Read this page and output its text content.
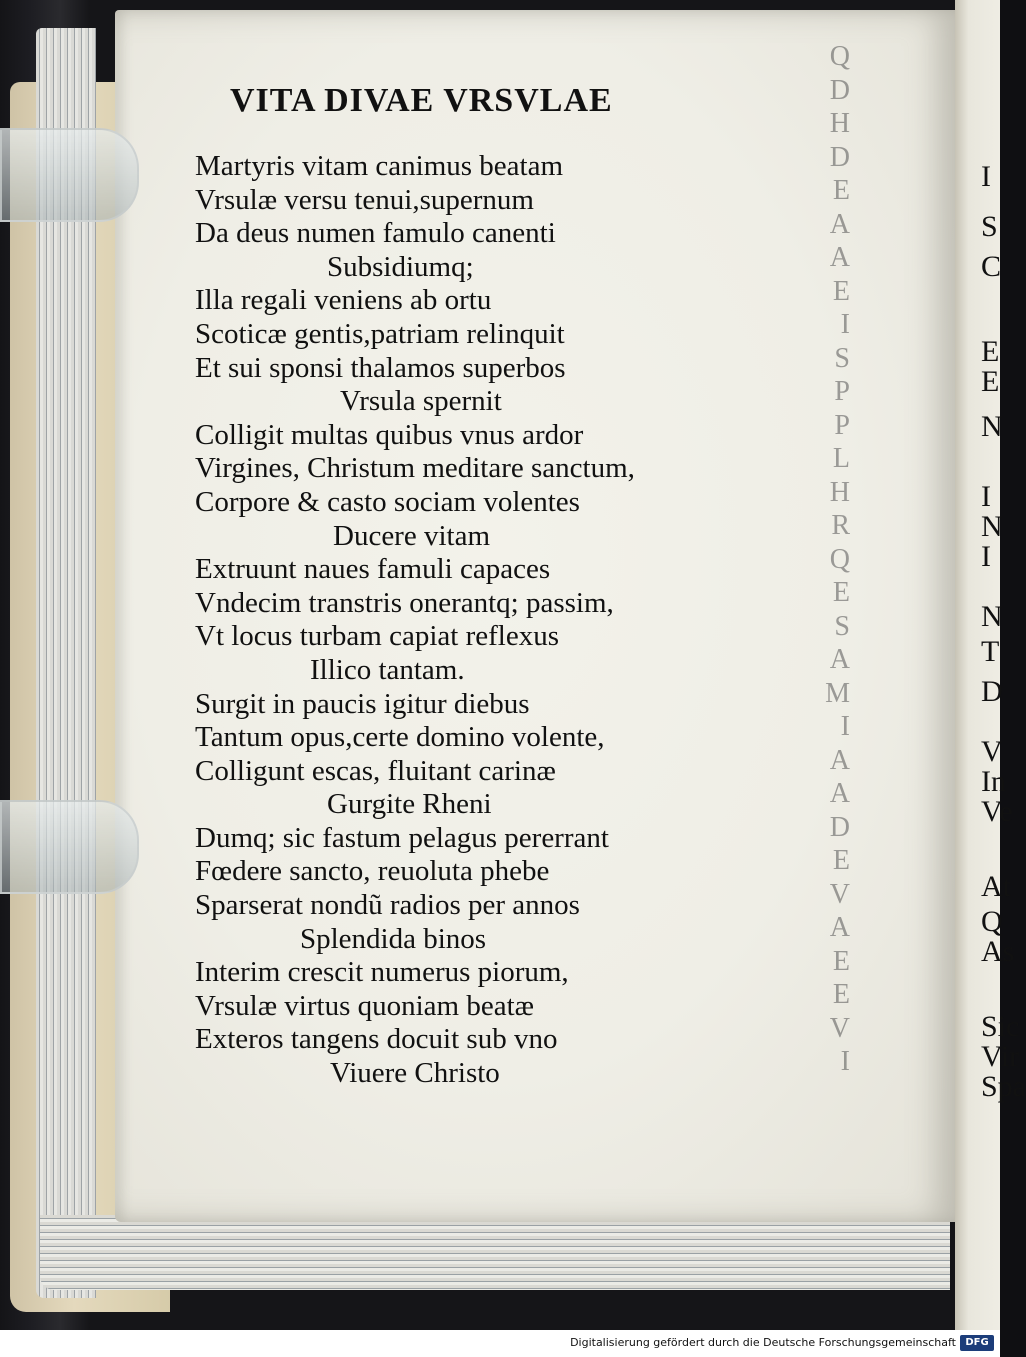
Q
D
H
D
E
A
A
E
I
S
P
P
L
H
R
Q
E
S
A
M
I
A
A
D
E
V
A
E
E
V
I
VITA DIVAE VRSVLAE
Martyris vitam canimus beatam
Vrsulæ versu tenui,supernum
Da deus numen famulo canenti
Subsidiumq;
Illa regali veniens ab ortu
Scoticæ gentis,patriam relinquit
Et sui sponsi thalamos superbos
Vrsula spernit
Colligit multas quibus vnus ardor
Virgines, Christum meditare sanctum,
Corpore & casto sociam volentes
Ducere vitam
Extruunt naues famuli capaces
Vndecim transtris onerantq; passim,
Vt locus turbam capiat reflexus
Illico tantam.
Surgit in paucis igitur diebus
Tantum opus,certe domino volente,
Colligunt escas, fluitant carinæ
Gurgite Rheni
Dumq; sic fastum pelagus pererrant
Fœdere sancto, reuoluta phebe
Sparserat nondũ radios per annos
Splendida binos
Interim crescit numerus piorum,
Vrsulæ virtus quoniam beatæ
Exteros tangens docuit sub vno
Viuere Christo
I
S
C
E
E
N
I
N
I
N
T
D
V
In
Ve
At
Q
As
Sic
Vir
Spa
Digitalisierung gefördert durch die Deutsche Forschungsgemeinschaft DFG
